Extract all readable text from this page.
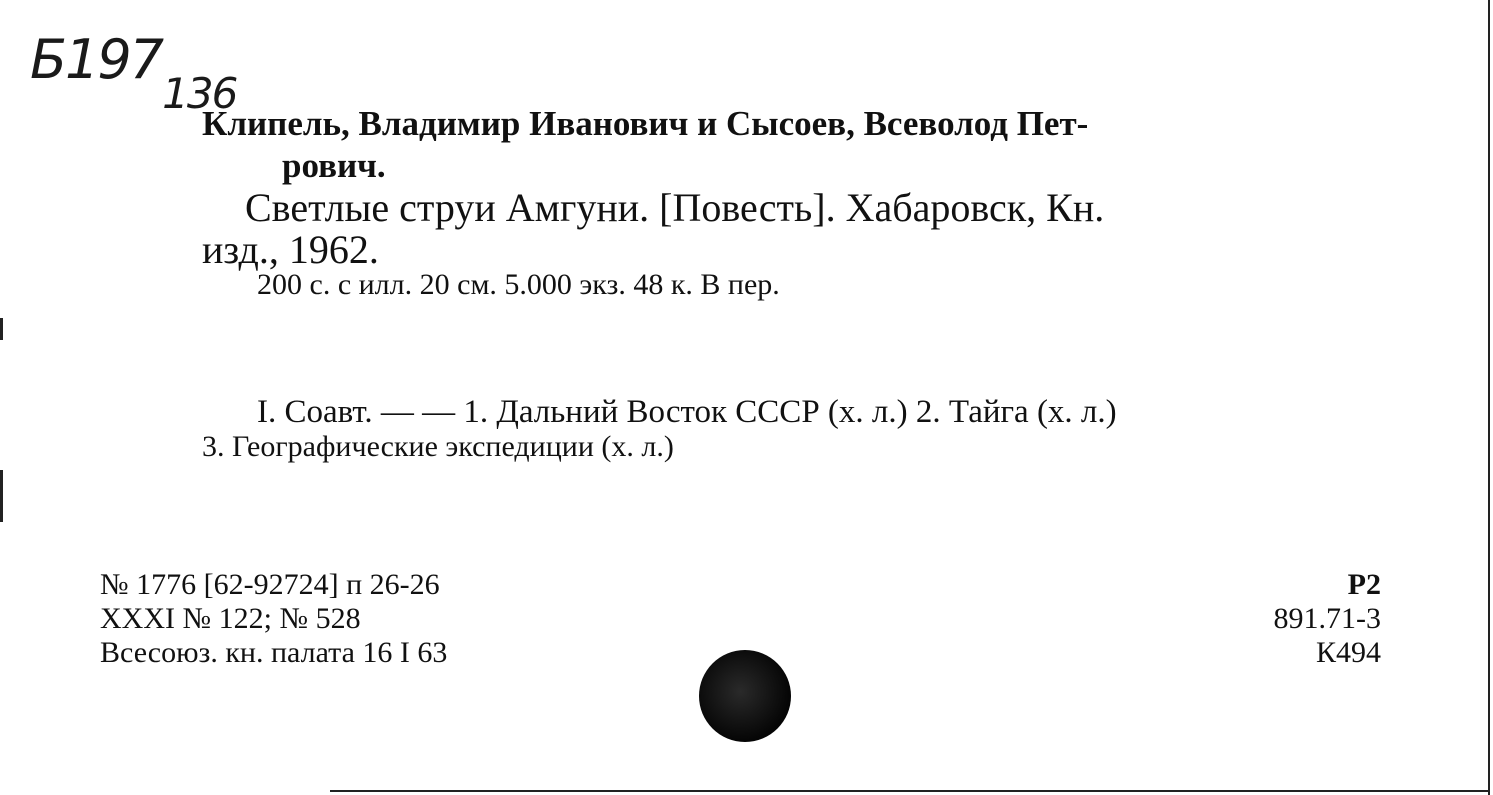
$Б197_{136}$
Клипель, Владимир Иванович и Сысоев, Всеволод Пет-
рович.
Светлые струи Амгуни. [Повесть]. Хабаровск, Кн.
изд., 1962.
200 с. с илл. 20 см. 5.000 экз. 48 к. В пер.
I. Соавт. — — 1. Дальний Восток СССР (х. л.) 2. Тайга (х. л.)
3. Географические экспедиции (х. л.)
№ 1776 [62-92724] п 26-26
XXXI № 122; № 528
Всесоюз. кн. палата 16 I 63
Р2
891.71-3
К494
